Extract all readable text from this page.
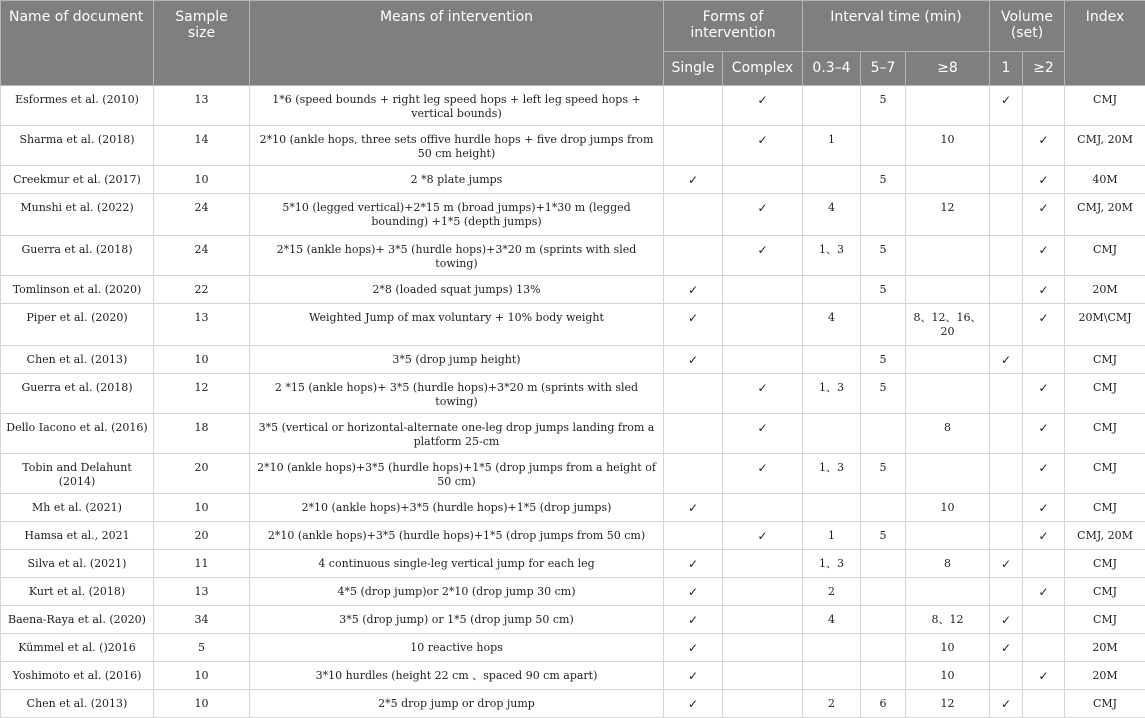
Name of document	Sample size	Means of intervention	Forms of intervention		Interval time (min)			Volume (set)		Index
			Single	Complex	0.3–4	5–7	≥8	1	≥2	
Esformes et al. (2010)	13	1*6 (speed bounds + right leg speed hops + left leg speed hops + vertical bounds)		✓		5		✓		CMJ
Sharma et al. (2018)	14	2*10 (ankle hops, three sets offive hurdle hops + five drop jumps from 50 cm height)		✓	1		10		✓	CMJ, 20M
Creekmur et al. (2017)	10	2 *8 plate jumps	✓			5			✓	40M
Munshi et al. (2022)	24	5*10 (legged vertical)+2*15 m (broad jumps)+1*30 m (legged bounding) +1*5 (depth jumps)		✓	4		12		✓	CMJ, 20M
Guerra et al. (2018)	24	2*15 (ankle hops)+ 3*5 (hurdle hops)+3*20 m (sprints with sled towing)		✓	1、3	5			✓	CMJ
Tomlinson et al. (2020)	22	2*8 (loaded squat jumps) 13%	✓			5			✓	20M
Piper et al. (2020)	13	Weighted Jump of max voluntary + 10% body weight	✓		4		8、12、16、20		✓	20M\CMJ
Chen et al. (2013)	10	3*5 (drop jump height)	✓			5		✓		CMJ
Guerra et al. (2018)	12	2 *15 (ankle hops)+ 3*5 (hurdle hops)+3*20 m (sprints with sled towing)		✓	1、3	5			✓	CMJ
Dello Iacono et al. (2016)	18	3*5 (vertical or horizontal-alternate one-leg drop jumps landing from a platform 25-cm		✓			8		✓	CMJ
Tobin and Delahunt (2014)	20	2*10 (ankle hops)+3*5 (hurdle hops)+1*5 (drop jumps from a height of 50 cm)		✓	1、3	5			✓	CMJ
Mh et al. (2021)	10	2*10 (ankle hops)+3*5 (hurdle hops)+1*5 (drop jumps)	✓				10		✓	CMJ
Hamsa et al., 2021	20	2*10 (ankle hops)+3*5 (hurdle hops)+1*5 (drop jumps from 50 cm)		✓	1	5			✓	CMJ, 20M
Silva et al. (2021)	11	4 continuous single-leg vertical jump for each leg	✓		1、3		8	✓		CMJ
Kurt et al. (2018)	13	4*5 (drop jump)or 2*10 (drop jump 30 cm)	✓		2				✓	CMJ
Baena-Raya et al. (2020)	34	3*5 (drop jump) or 1*5 (drop jump 50 cm)	✓		4		8、12	✓		CMJ
Kümmel et al. ()2016	5	10 reactive hops	✓				10	✓		20M
Yoshimoto et al. (2016)	10	3*10 hurdles (height 22 cm 、spaced 90 cm apart)	✓				10		✓	20M
Chen et al. (2013)	10	2*5 drop jump or drop jump	✓		2	6	12	✓		CMJ
